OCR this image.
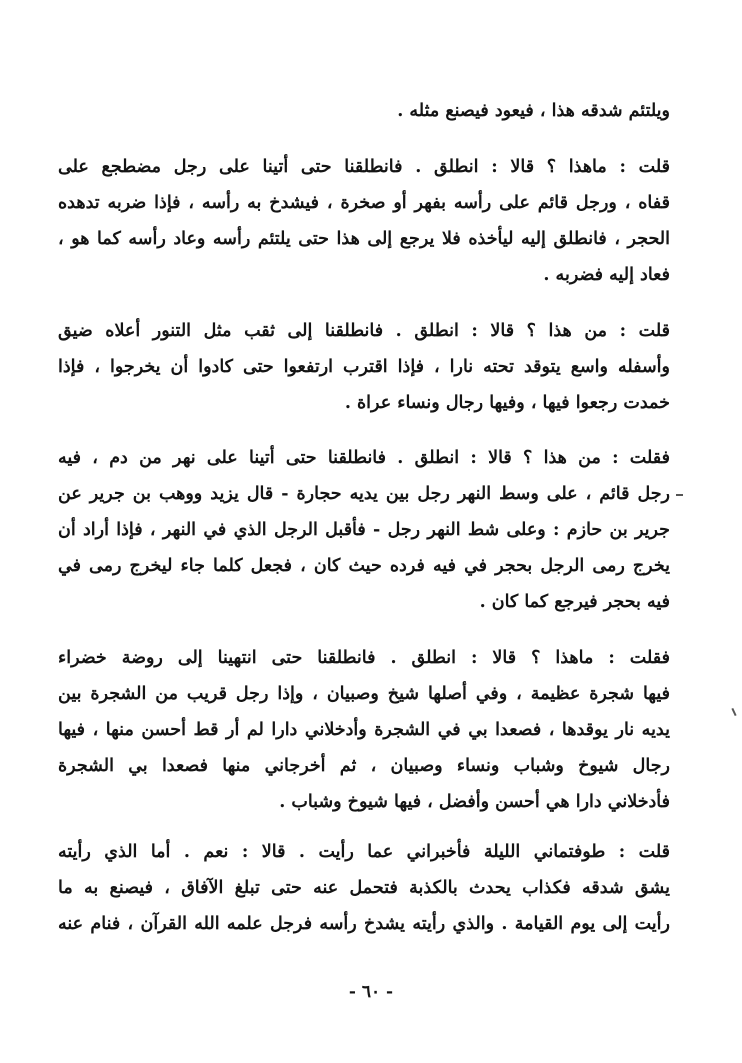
ويلتئم شدقه هذا ، فيعود فيصنع مثله .
قلت : ماهذا ؟ قالا : انطلق . فانطلقنا حتى أتينا على رجل مضطجع على
قفاه ، ورجل قائم على رأسه بفهر أو صخرة ، فيشدخ به رأسه ، فإذا ضربه تدهده
الحجر ، فانطلق إليه ليأخذه فلا يرجع إلى هذا حتى يلتئم رأسه وعاد رأسه كما هو ،
فعاد إليه فضربه .
قلت : من هذا ؟ قالا : انطلق . فانطلقنا إلى ثقب مثل التنور أعلاه ضيق
وأسفله واسع يتوقد تحته نارا ، فإذا اقترب ارتفعوا حتى كادوا أن يخرجوا ، فإذا
خمدت رجعوا فيها ، وفيها رجال ونساء عراة .
فقلت : من هذا ؟ قالا : انطلق . فانطلقنا حتى أتينا على نهر من دم ، فيه
رجل قائم ، على وسط النهر رجل بين يديه حجارة - قال يزيد ووهب بن جرير عن
جرير بن حازم : وعلى شط النهر رجل - فأقبل الرجل الذي في النهر ، فإذا أراد أن
يخرج رمى الرجل بحجر في فيه فرده حيث كان ، فجعل كلما جاء ليخرج رمى في
فيه بحجر فيرجع كما كان .
فقلت : ماهذا ؟ قالا : انطلق . فانطلقنا حتى انتهينا إلى روضة خضراء
فيها شجرة عظيمة ، وفي أصلها شيخ وصبيان ، وإذا رجل قريب من الشجرة بين
يديه نار يوقدها ، فصعدا بي في الشجرة وأدخلاني دارا لم أر قط أحسن منها ، فيها
رجال شيوخ وشباب ونساء وصبيان ، ثم أخرجاني منها فصعدا بي الشجرة
فأدخلاني دارا هي أحسن وأفضل ، فيها شيوخ وشباب .
قلت : طوفتماني الليلة فأخبراني عما رأيت . قالا : نعم . أما الذي رأيته
يشق شدقه فكذاب يحدث بالكذبة فتحمل عنه حتى تبلغ الآفاق ، فيصنع به ما
رأيت إلى يوم القيامة . والذي رأيته يشدخ رأسه فرجل علمه الله القرآن ، فنام عنه
- ٦٠ -
